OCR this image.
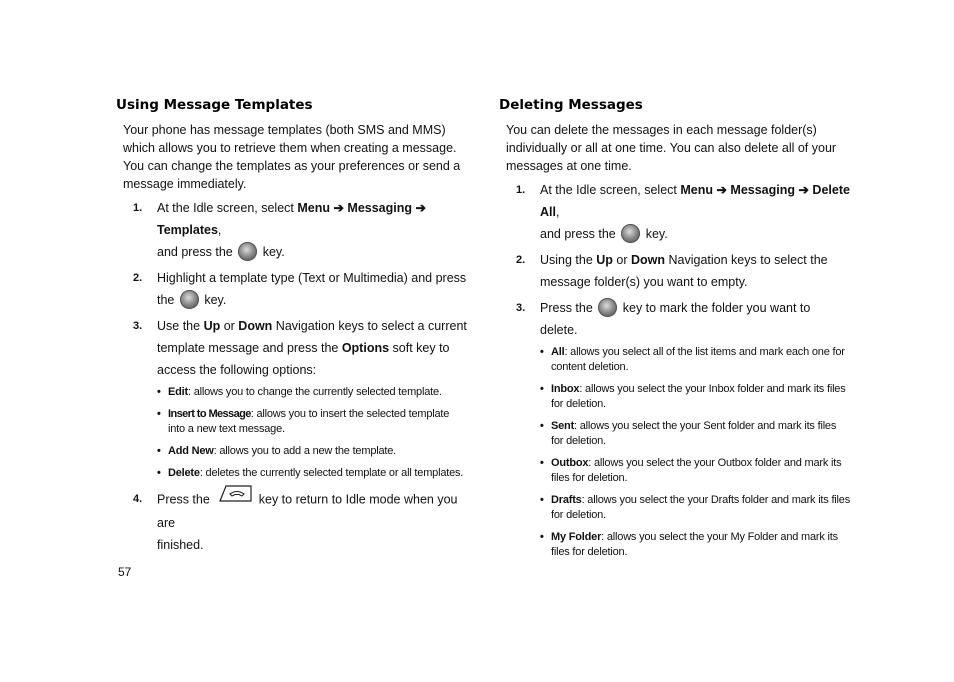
Using Message Templates

Your phone has message templates (both SMS and MMS) which allows you to retrieve them when creating a message. You can change the templates as your preferences or send a message immediately.

1. At the Idle screen, select Menu ➔ Messaging ➔ Templates,
and press the  key.
2. Highlight a template type (Text or Multimedia) and press
the  key.
3. Use the Up or Down Navigation keys to select a current
template message and press the Options soft key to
access the following options:
• Edit: allows you to change the currently selected template.
• Insert to Message: allows you to insert the selected template into a new text message.
• Add New: allows you to add a new the template.
• Delete: deletes the currently selected template or all templates.
4. Press the	key to return to Idle mode when you are
finished.
Deleting Messages

You can delete the messages in each message folder(s) individually or all at one time. You can also delete all of your messages at one time.

1. At the Idle screen, select Menu ➔ Messaging ➔ Delete All,
and press the  key.
2. Using the Up or Down Navigation keys to select the
message folder(s) you want to empty.
3. Press the  key to mark the folder you want to delete.
• All: allows you select all of the list items and mark each one for content deletion.
• Inbox: allows you select the your Inbox folder and mark its files for deletion.
• Sent: allows you select the your Sent folder and mark its files for deletion.
• Outbox: allows you select the your Outbox folder and mark its files for deletion.
• Drafts: allows you select the your Drafts folder and mark its files for deletion.
• My Folder: allows you select the your My Folder and mark its files for deletion.
57
